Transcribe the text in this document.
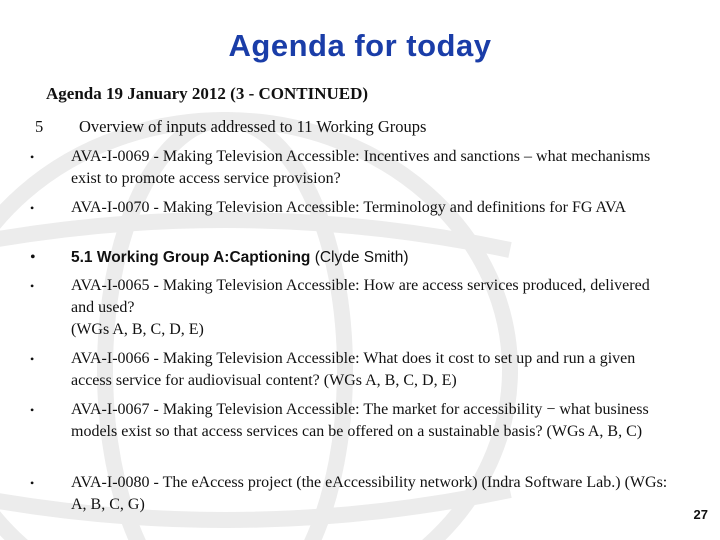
Agenda for today
Agenda 19 January 2012 (3 - CONTINUED)
5 Overview of inputs addressed to 11 Working Groups
•	AVA-I-0069 - Making Television Accessible: Incentives and sanctions – what mechanisms exist to promote access service provision?
•	AVA-I-0070 - Making Television Accessible: Terminology and definitions for FG AVA
•	5.1 Working Group A:Captioning (Clyde Smith)
•	AVA-I-0065 - Making Television Accessible: How are access services produced, delivered and used?
(WGs A, B, C, D, E)
•	AVA-I-0066 - Making Television Accessible: What does it cost to set up and run a given access service for audiovisual content? (WGs A, B, C, D, E)
•	AVA-I-0067 - Making Television Accessible: The market for accessibility − what business models exist so that access services can be offered on a sustainable basis? (WGs A, B, C)
•	AVA-I-0080 - The eAccess project (the eAccessibility network) (Indra Software Lab.) (WGs: A, B, C, G)
27
